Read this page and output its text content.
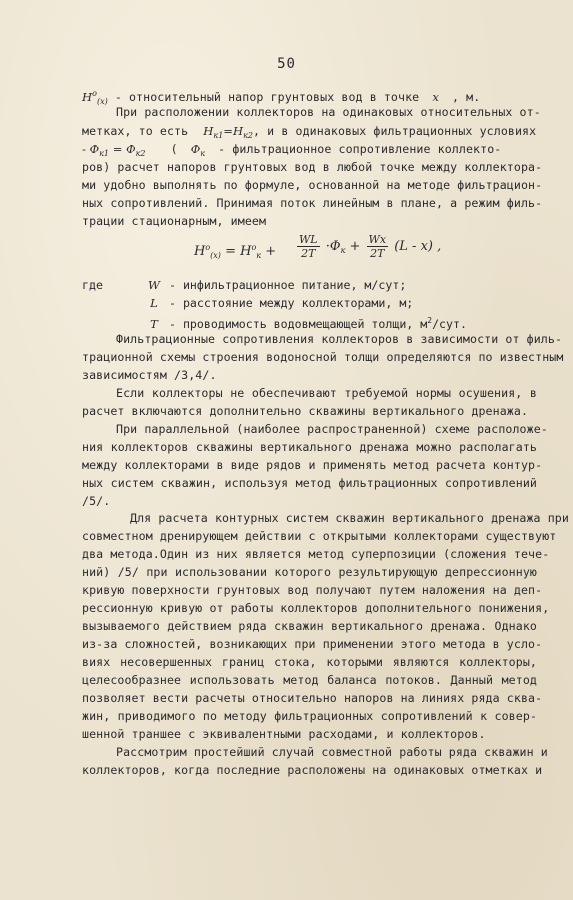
50
$H^o_{(x)}$ - относительный напор грунтовых вод в точке x , м.
При расположении коллекторов на одинаковых относительных от-
метках, то есть $H_{к1}=H_{к2}$, и в одинаковых фильтрационных условиях
- $\Phi_{к1} = \Phi_{к2}$ ( $\Phi_к$ - фильтрационное сопротивление коллекто-
ров) расчет напоров грунтовых вод в любой точке между коллектора-
ми удобно выполнять по формуле, основанной на методе фильтрацион-
ных сопротивлений. Принимая поток линейным в плане, а режим филь-
трации стационарным, имеем
$H^o_{(x)} = H^o_к + \frac{WL}{2T} \cdot\Phi_к + \frac{Wx}{2T} (L - x)$ ,
где	W - инфильтрационное питание, м/сут;
L - расстояние между коллекторами, м;
T - проводимость водовмещающей толщи, $м^2$/сут.
Фильтрационные сопротивления коллекторов в зависимости от филь-
трационной схемы строения водоносной толщи определяются по известным
зависимостям /3,4/.
Если коллекторы не обеспечивают требуемой нормы осушения, в
расчет включаются дополнительно скважины вертикального дренажа.
При параллельной (наиболее распространенной) схеме расположе-
ния коллекторов скважины вертикального дренажа можно располагать
между коллекторами в виде рядов и применять метод расчета контур-
ных систем скважин, используя метод фильтрационных сопротивлений
/5/.
Для расчета контурных систем скважин вертикального дренажа при
совместном дренирующем действии с открытыми коллекторами существуют
два метода.Один из них является метод суперпозиции (сложения тече-
ний) /5/ при использовании которого результирующую депрессионную
кривую поверхности грунтовых вод получают путем наложения на деп-
рессионную кривую от работы коллекторов дополнительного понижения,
вызываемого действием ряда скважин вертикального дренажа. Однако
из-за сложностей, возникающих при применении этого метода в усло-
виях несовершенных границ стока, которыми являются коллекторы,
целесообразнее использовать метод баланса потоков. Данный метод
позволяет вести расчеты относительно напоров на линиях ряда сква-
жин, приводимого по методу фильтрационных сопротивлений к совер-
шенной траншее с эквивалентными расходами, и коллекторов.
Рассмотрим простейший случай совместной работы ряда скважин и
коллекторов, когда последние расположены на одинаковых отметках и
